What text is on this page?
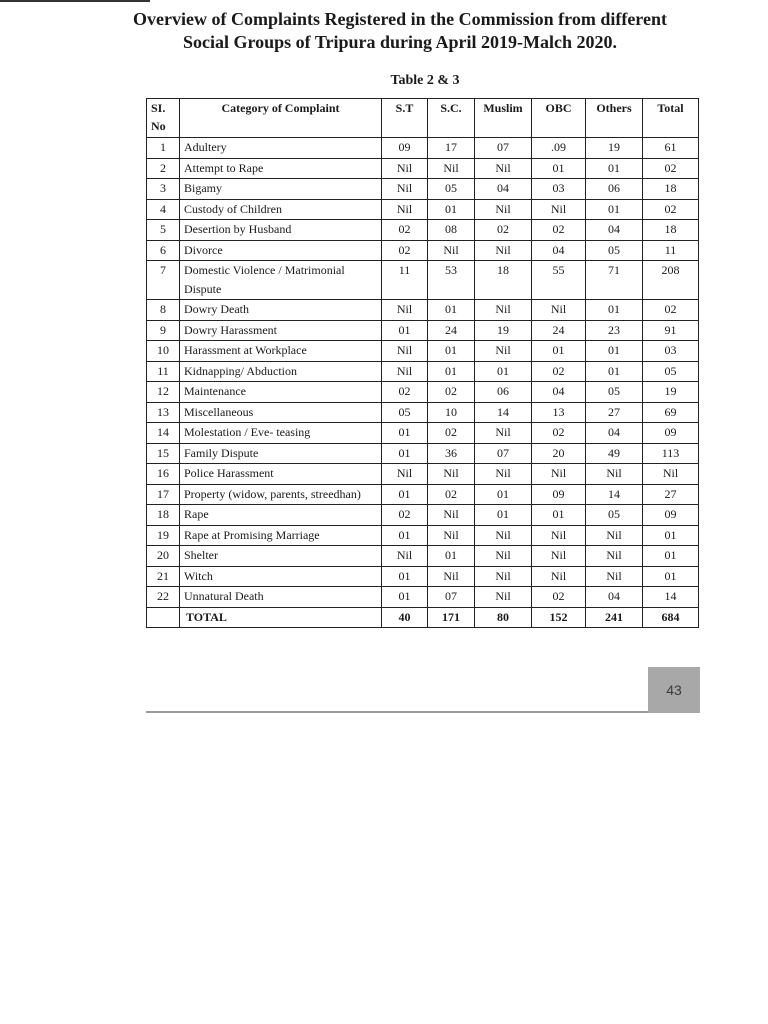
Overview of Complaints Registered in the Commission from different
Social Groups of Tripura during April 2019-Malch 2020.
Table 2 & 3
SI. No	Category of Complaint	S.T	S.C.	Muslim	OBC	Others	Total
1	Adultery	09	17	07	.09	19	61
2	Attempt to Rape	Nil	Nil	Nil	01	01	02
3	Bigamy	Nil	05	04	03	06	18
4	Custody of Children	Nil	01	Nil	Nil	01	02
5	Desertion by Husband	02	08	02	02	04	18
6	Divorce	02	Nil	Nil	04	05	11
7	Domestic Violence / Matrimonial Dispute	11	53	18	55	71	208
8	Dowry Death	Nil	01	Nil	Nil	01	02
9	Dowry Harassment	01	24	19	24	23	91
10	Harassment at Workplace	Nil	01	Nil	01	01	03
11	Kidnapping/ Abduction	Nil	01	01	02	01	05
12	Maintenance	02	02	06	04	05	19
13	Miscellaneous	05	10	14	13	27	69
14	Molestation / Eve- teasing	01	02	Nil	02	04	09
15	Family Dispute	01	36	07	20	49	113
16	Police Harassment	Nil	Nil	Nil	Nil	Nil	Nil
17	Property (widow, parents, streedhan)	01	02	01	09	14	27
18	Rape	02	Nil	01	01	05	09
19	Rape at Promising Marriage	01	Nil	Nil	Nil	Nil	01
20	Shelter	Nil	01	Nil	Nil	Nil	01
21	Witch	01	Nil	Nil	Nil	Nil	01
22	Unnatural Death	01	07	Nil	02	04	14
	TOTAL	40	171	80	152	241	684
43
